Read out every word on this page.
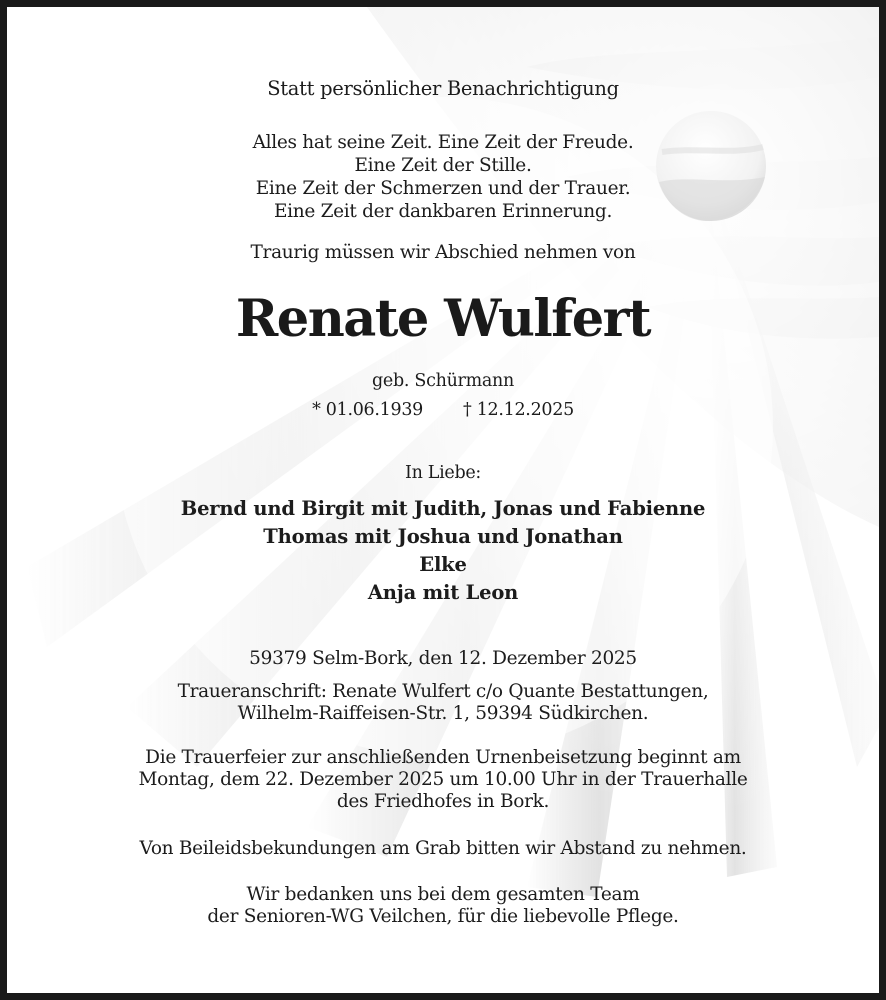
Statt persönlicher Benachrichtigung
Alles hat seine Zeit. Eine Zeit der Freude.
Eine Zeit der Stille.
Eine Zeit der Schmerzen und der Trauer.
Eine Zeit der dankbaren Erinnerung.
Traurig müssen wir Abschied nehmen von
Renate Wulfert
geb. Schürmann
* 01.06.1939 † 12.12.2025
In Liebe:
Bernd und Birgit mit Judith, Jonas und Fabienne
Thomas mit Joshua und Jonathan
Elke
Anja mit Leon
59379 Selm-Bork, den 12. Dezember 2025
Traueranschrift: Renate Wulfert c/o Quante Bestattungen,
Wilhelm-Raiffeisen-Str. 1, 59394 Südkirchen.
Die Trauerfeier zur anschließenden Urnenbeisetzung beginnt am
Montag, dem 22. Dezember 2025 um 10.00 Uhr in der Trauerhalle
des Friedhofes in Bork.
Von Beileidsbekundungen am Grab bitten wir Abstand zu nehmen.
Wir bedanken uns bei dem gesamten Team
der Senioren-WG Veilchen, für die liebevolle Pflege.
